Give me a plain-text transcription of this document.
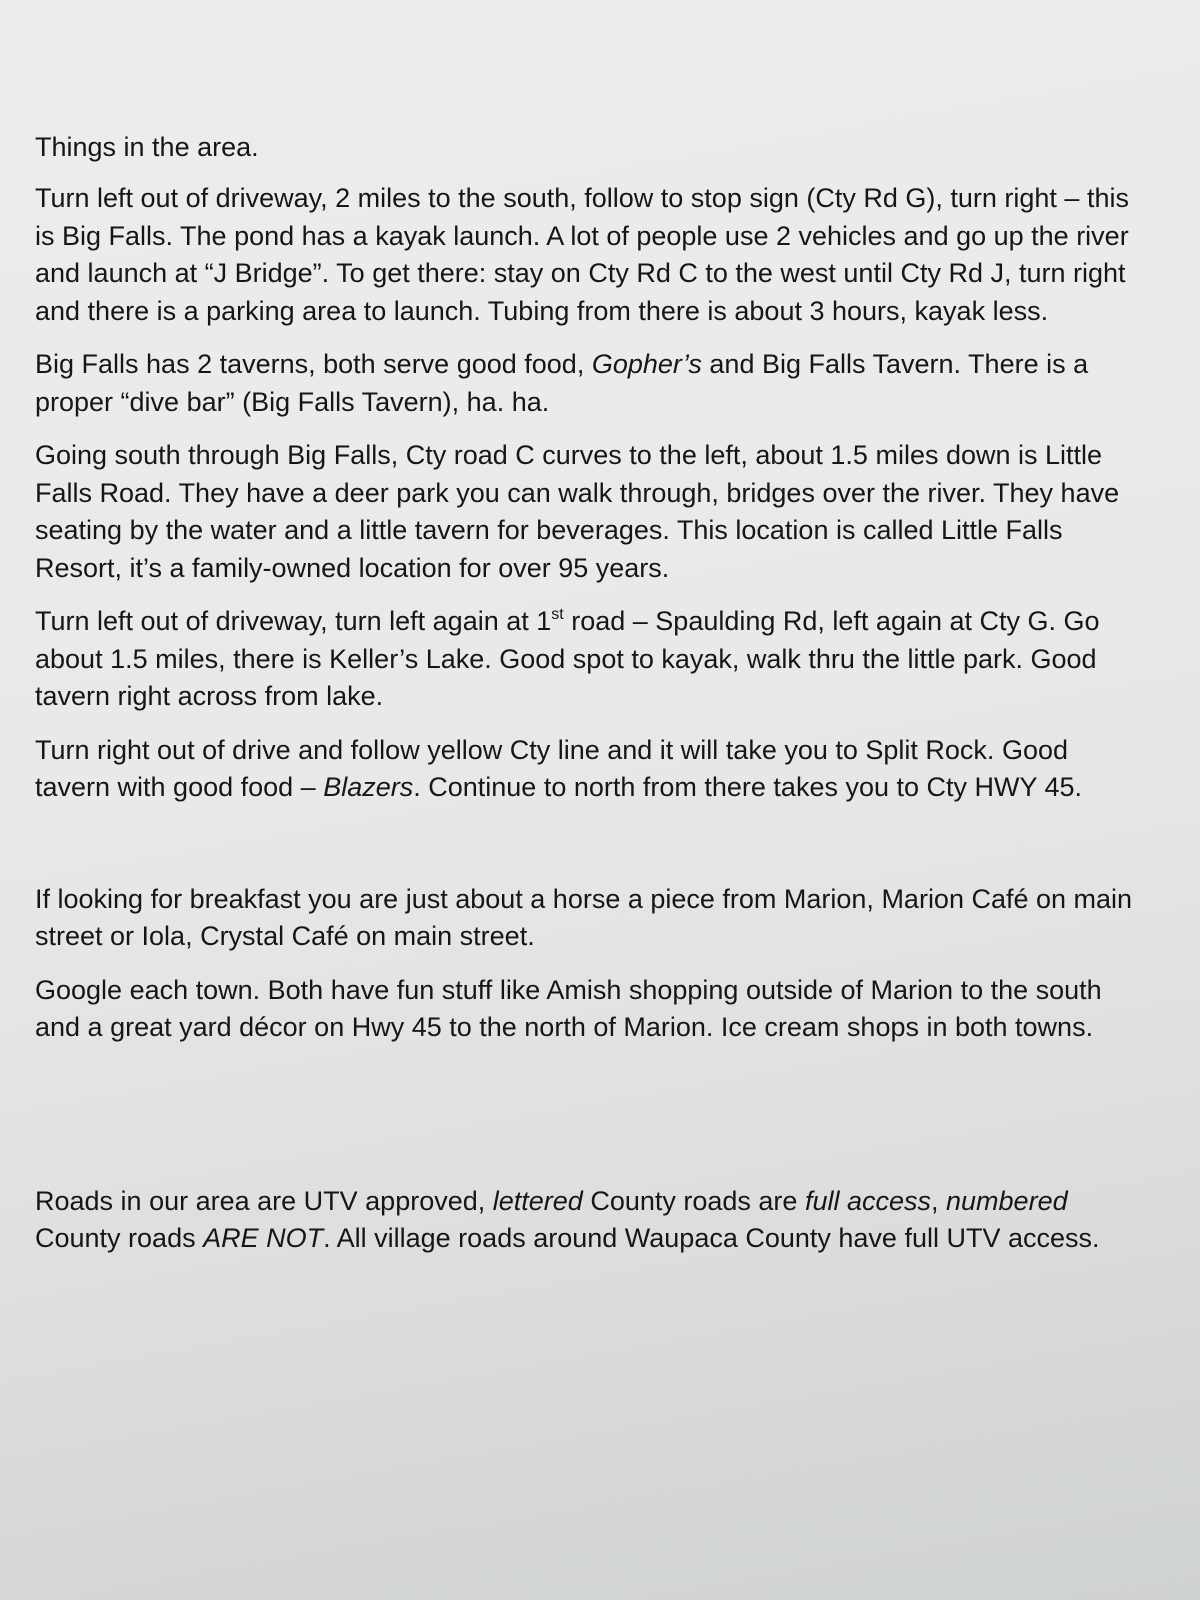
Things in the area.

Turn left out of driveway, 2 miles to the south, follow to stop sign (Cty Rd G), turn right – this is Big Falls. The pond has a kayak launch. A lot of people use 2 vehicles and go up the river and launch at “J Bridge”. To get there: stay on Cty Rd C to the west until Cty Rd J, turn right and there is a parking area to launch. Tubing from there is about 3 hours, kayak less.

Big Falls has 2 taverns, both serve good food, Gopher’s and Big Falls Tavern. There is a proper “dive bar” (Big Falls Tavern), ha. ha.

Going south through Big Falls, Cty road C curves to the left, about 1.5 miles down is Little Falls Road. They have a deer park you can walk through, bridges over the river. They have seating by the water and a little tavern for beverages. This location is called Little Falls Resort, it’s a family-owned location for over 95 years.

Turn left out of driveway, turn left again at 1st road – Spaulding Rd, left again at Cty G. Go about 1.5 miles, there is Keller’s Lake. Good spot to kayak, walk thru the little park. Good tavern right across from lake.

Turn right out of drive and follow yellow Cty line and it will take you to Split Rock. Good tavern with good food – Blazers. Continue to north from there takes you to Cty HWY 45.

If looking for breakfast you are just about a horse a piece from Marion, Marion Café on main street or Iola, Crystal Café on main street.

Google each town. Both have fun stuff like Amish shopping outside of Marion to the south and a great yard décor on Hwy 45 to the north of Marion. Ice cream shops in both towns.

Roads in our area are UTV approved, lettered County roads are full access, numbered County roads ARE NOT. All village roads around Waupaca County have full UTV access.
